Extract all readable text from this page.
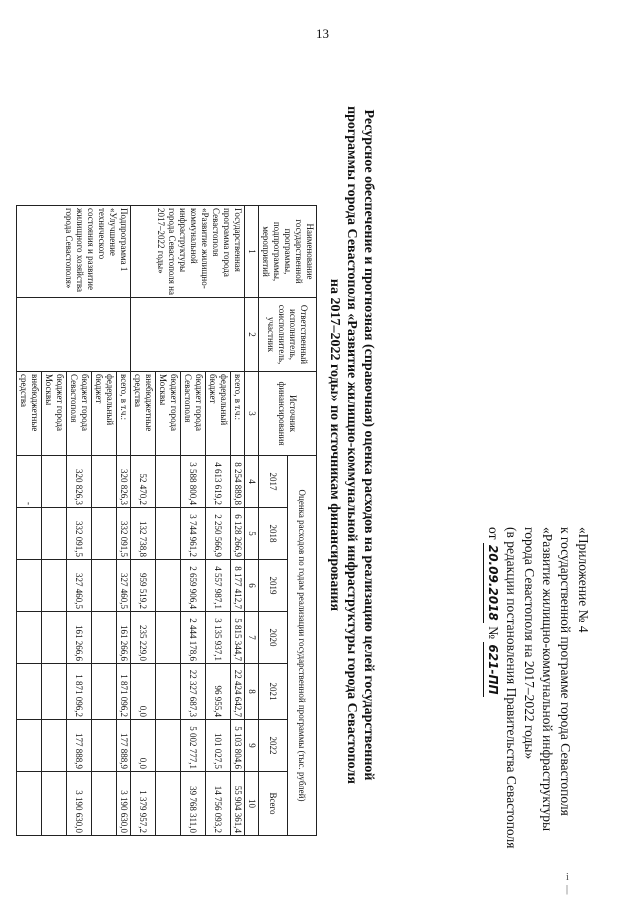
13
і
|
«Приложение № 4
к государственной программе города Севастополя
«Развитие жилищно-коммунальной инфраструктуры
города Севастополя на 2017–2022 годы»
(в редакции постановления Правительства Севастополя
от 20.09.2018 № 621-ПП
Ресурсное обеспечение и прогнозная (справочная) оценка расходов на реализацию целей государственной
программы города Севастополя «Развитие жилищно-коммунальной инфраструктуры города Севастополя
на 2017–2022 годы» по источникам финансирования
Наименование государственной программы, подпрограммы, мероприятий	Ответственный исполнитель, соисполнитель, участник	Источник финансирования	Оценка расходов по годам реализации государственной программы (тыс. рублей)						
			2017	2018	2019	2020	2021	2022	Всего
1	2	3	4	5	6	7	8	9	10
Государственная программа города Севастополя «Развитие жилищно-коммунальной инфраструктуры города Севастополя на 2017–2022 годы»		всего, в т.ч.:	8 254 889,8	6 128 266,9	8 177 412,7	5 815 344,7	22 424 642,7	5 103 804,6	55 904 361,4
		федеральный бюджет	4 613 619,2	2 250 566,9	4 557 987,1	3 135 937,1	96 955,4	101 027,5	14 756 093,2
		бюджет города Севастополя	3 588 800,4	3 744 961,2	2 659 906,4	2 444 178,6	22 327 687,3	5 002 777,1	39 768 311,0
		бюджет города Москвы							
		внебюджетные средства	52 470,2	132 738,8	959 519,2	235 229,0	0,0	0,0	1 379 957,2
Подпрограмма 1 «Улучшение технического состояния и развитие жилищного хозяйства города Севастополя»		всего, в т.ч.:	320 826,3	332 091,5	327 460,5	161 266,6	1 871 096,2	177 888,9	3 190 630,0
		федеральный бюджет							
		бюджет города Севастополя	320 826,3	332 091,5	327 460,5	161 266,6	1 871 096,2	177 888,9	3 190 630,0
		бюджет города Москвы							
		внебюджетные средства	-						
